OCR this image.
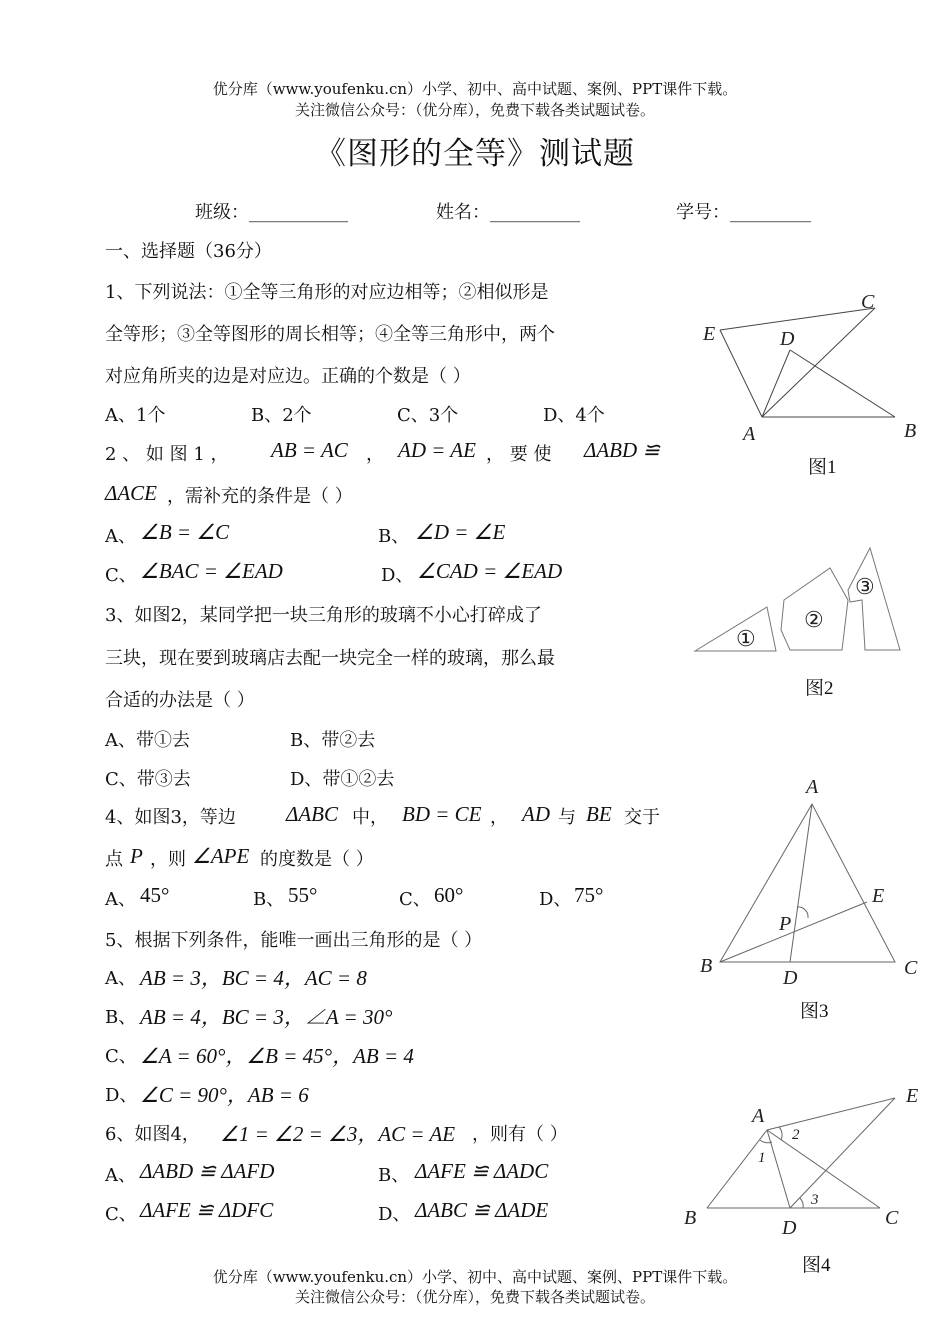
优分库（www.youfenku.cn）小学、初中、高中试题、案例、PPT课件下载。
关注微信公众号：（优分库），免费下载各类试题试卷。
《图形的全等》测试题
班级：___________	姓名：__________	学号：_________
一、选择题（36分）
1、下列说法：①全等三角形的对应边相等；②相似形是
全等形；③全等图形的周长相等；④全等三角形中，两个
对应角所夹的边是对应边。正确的个数是（ ）
A、1个	B、2个	C、3个	D、4个
2 、 如 图 1 ， AB = AC ， AD = AE ， 要 使 ΔABD ≌
ΔACE ，需补充的条件是（ ）
A、 ∠B = ∠C	B、 ∠D = ∠E
C、 ∠BAC = ∠EAD	D、 ∠CAD = ∠EAD
3、如图2，某同学把一块三角形的玻璃不小心打碎成了
三块，现在要到玻璃店去配一块完全一样的玻璃，那么最
合适的办法是（ ）
A、带①去	B、带②去
C、带③去	D、带①②去
4、如图3，等边 ΔABC 中， BD = CE ， AD 与 BE 交于
点 P ，则 ∠APE 的度数是（ ）
A、 45°	B、 55°	C、 60°	D、 75°
5、根据下列条件，能唯一画出三角形的是（ ）
A、 AB = 3，BC = 4，AC = 8
B、 AB = 4，BC = 3，∠A = 30°
C、 ∠A = 60°，∠B = 45°，AB = 4
D、 ∠C = 90°，AB = 6
6、如图4， ∠1 = ∠2 = ∠3，AC = AE ，则有（ ）
A、 ΔABD ≌ ΔAFD	B、 ΔAFE ≌ ΔADC
C、 ΔAFE ≌ ΔDFC	D、 ΔABC ≌ ΔADE
E	D
C
A	B
①
②
③
A
E
P
B
D	C
A
E
B	D	C
1
2
3
图1
图2
图3
图4
优分库（www.youfenku.cn）小学、初中、高中试题、案例、PPT课件下载。
关注微信公众号：（优分库），免费下载各类试题试卷。
